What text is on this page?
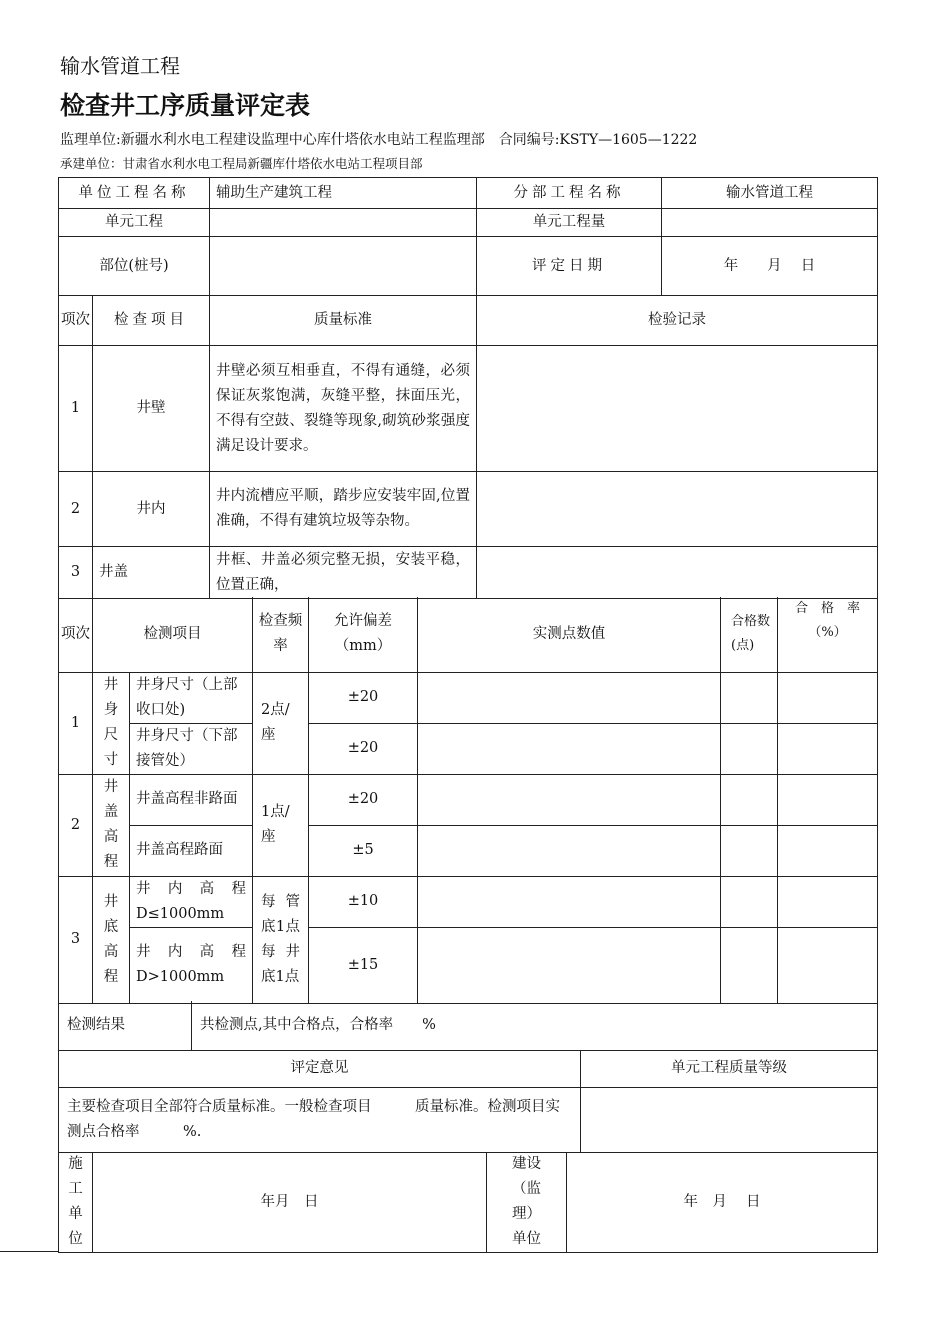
输水管道工程
检查井工序质量评定表
监理单位:新疆水利水电工程建设监理中心库什塔依水电站工程监理部 合同编号:KSTY—1605—1222
承建单位：甘肃省水利水电工程局新疆库什塔依水电站工程项目部
单位工程名称		辅助生产建筑工程	分部工程名称	输水管道工程
单元工程			单元工程量	
部位(桩号)			评定日期	年　　月　 日
项次	检查项目	质量标准	检验记录	
1	井壁	井壁必须互相垂直，不得有通缝，必须保证灰浆饱满，灰缝平整，抹面压光，不得有空鼓、裂缝等现象,砌筑砂浆强度满足设计要求。		
2	井内	井内流槽应平顺，踏步应安装牢固,位置准确，不得有建筑垃圾等杂物。		
3	井盖	井框、井盖必须完整无损，安装平稳，位置正确，		
项次	检测项目		检查频率	允许偏差（mm）	实测点数值	合格数(点)	合　格　率（%）
1	井身尺寸	井身尺寸（上部收口处)	2点/座	±20			
		井身尺寸（下部接管处）		±20			
2	井盖高程	井盖高程非路面	1点/座	±20			
		井盖高程路面		±5			
3	井底高程	井内高程D≤1000mm	每管底1点每井底1点	±10			
		井内高程D>1000mm		±15			
检测结果	共检测点,其中合格点，合格率　　%	
评定意见		单元工程质量等级
主要检查项目全部符合质量标准。一般检查项目　　　质量标准。检测项目实测点合格率　　　%.		
施工单位	年月　日	建设（监理）单位	年　月　 日
